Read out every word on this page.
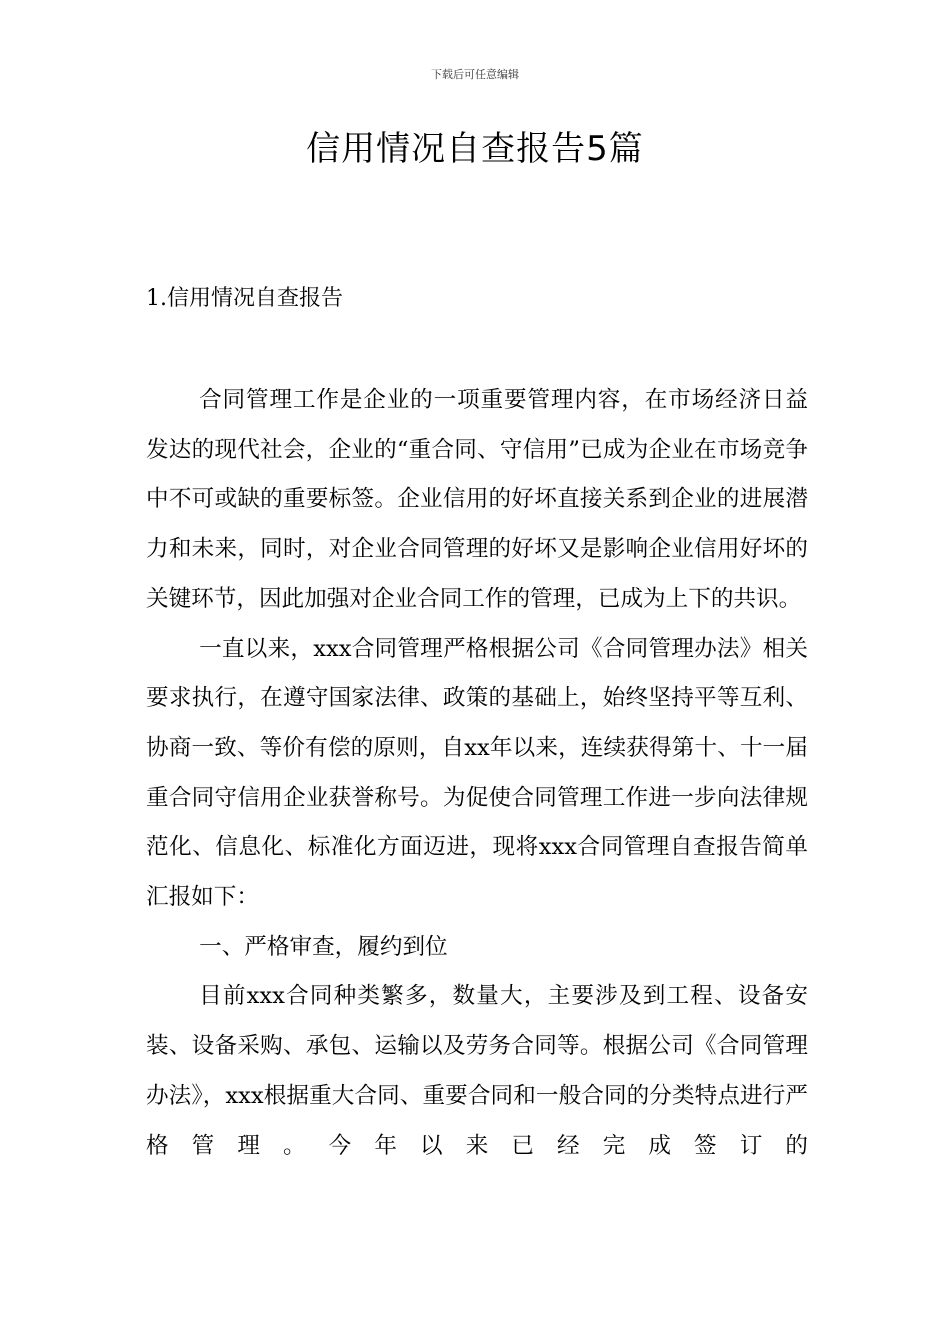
下载后可任意编辑
信用情况自查报告5篇
1.信用情况自查报告

合同管理工作是企业的一项重要管理内容，在市场经济日益发达的现代社会，企业的“重合同、守信用”已成为企业在市场竞争中不可或缺的重要标签。企业信用的好坏直接关系到企业的进展潜力和未来，同时，对企业合同管理的好坏又是影响企业信用好坏的关键环节，因此加强对企业合同工作的管理，已成为上下的共识。

一直以来，xxx合同管理严格根据公司《合同管理办法》相关要求执行，在遵守国家法律、政策的基础上，始终坚持平等互利、协商一致、等价有偿的原则，自xx年以来，连续获得第十、十一届重合同守信用企业获誉称号。为促使合同管理工作进一步向法律规范化、信息化、标准化方面迈进，现将xxx合同管理自查报告简单汇报如下：

一、严格审查，履约到位

目前xxx合同种类繁多，数量大，主要涉及到工程、设备安装、设备采购、承包、运输以及劳务合同等。根据公司《合同管理办法》，xxx根据重大合同、重要合同和一般合同的分类特点进行严格管理。今年以来已经完成签订的
